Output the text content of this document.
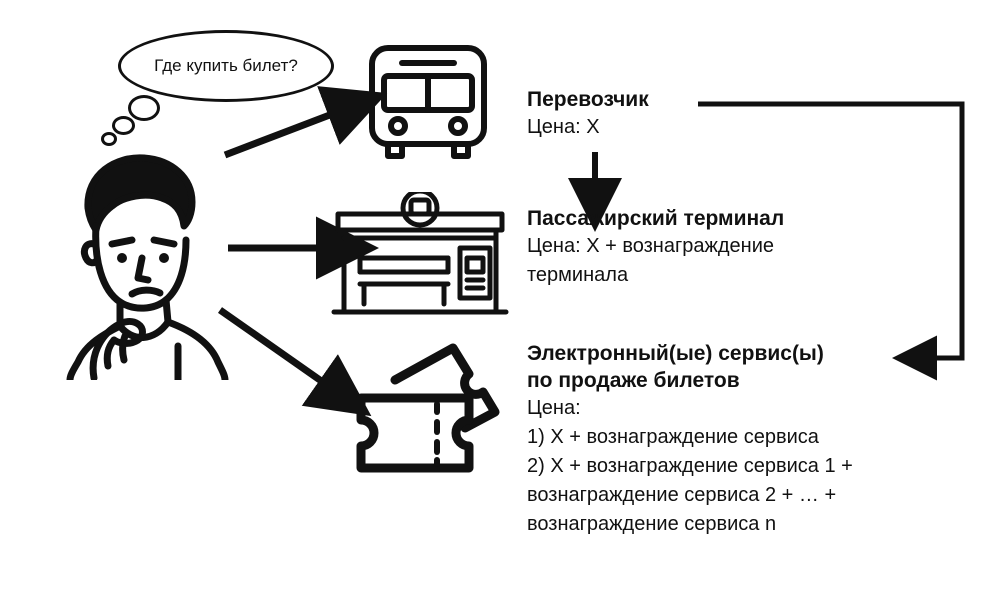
Где купить билет?
Перевозчик
Цена: X
Пассажирский терминал
Цена: X + вознаграждение
терминала
Электронный(ые) сервис(ы)
по продаже билетов
Цена:
1) X + вознаграждение сервиса
2) X + вознаграждение сервиса 1 +
вознаграждение сервиса 2 + … +
вознаграждение сервиса n
